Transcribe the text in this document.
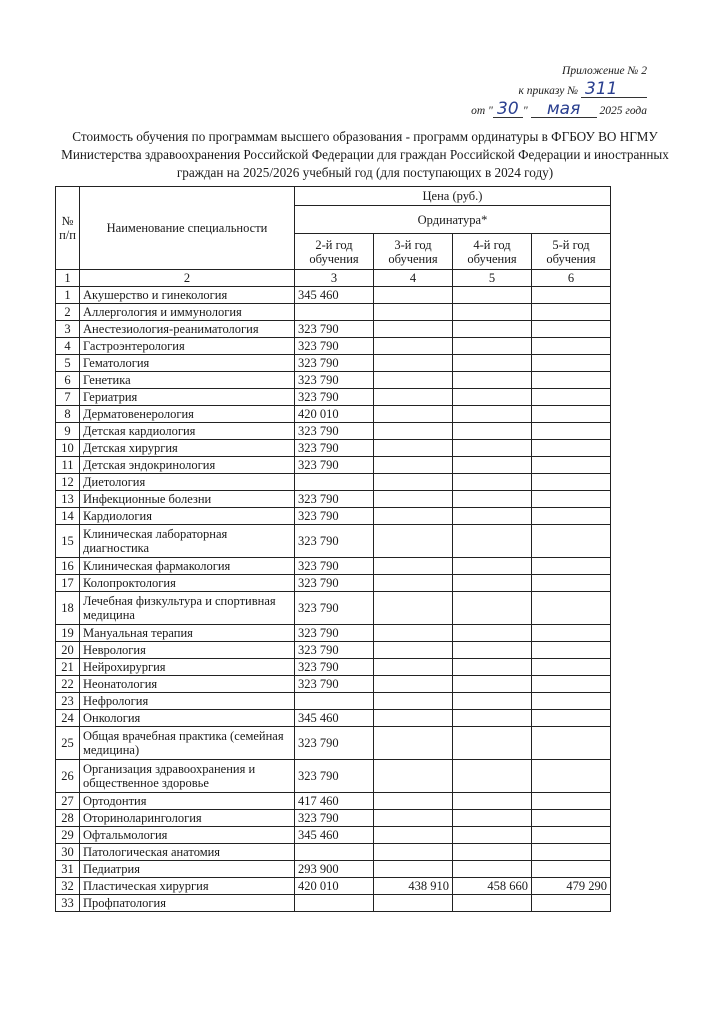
Приложение № 2
к приказу № 311
от " 30 " мая 2025 года
Стоимость обучения по программам высшего образования - программ ординатуры в ФГБОУ ВО НГМУ Министерства здравоохранения Российской Федерации для граждан Российской Федерации и иностранных граждан на 2025/2026 учебный год (для поступающих в 2024 году)
№ п/п	Наименование специальности	Цена (руб.)			
		Ординатура*			
		2-й год обучения	3-й год обучения	4-й год обучения	5-й год обучения
1	2	3	4	5	6
1	Акушерство и гинекология	345 460			
2	Аллергология и иммунология				
3	Анестезиология-реаниматология	323 790			
4	Гастроэнтерология	323 790			
5	Гематология	323 790			
6	Генетика	323 790			
7	Гериатрия	323 790			
8	Дерматовенерология	420 010			
9	Детская кардиология	323 790			
10	Детская хирургия	323 790			
11	Детская эндокринология	323 790			
12	Диетология				
13	Инфекционные болезни	323 790			
14	Кардиология	323 790			
15	Клиническая лабораторная диагностика	323 790			
16	Клиническая фармакология	323 790			
17	Колопроктология	323 790			
18	Лечебная физкультура и спортивная медицина	323 790			
19	Мануальная терапия	323 790			
20	Неврология	323 790			
21	Нейрохирургия	323 790			
22	Неонатология	323 790			
23	Нефрология				
24	Онкология	345 460			
25	Общая врачебная практика (семейная медицина)	323 790			
26	Организация здравоохранения и общественное здоровье	323 790			
27	Ортодонтия	417 460			
28	Оториноларингология	323 790			
29	Офтальмология	345 460			
30	Патологическая анатомия				
31	Педиатрия	293 900			
32	Пластическая хирургия	420 010	438 910	458 660	479 290
33	Профпатология				
